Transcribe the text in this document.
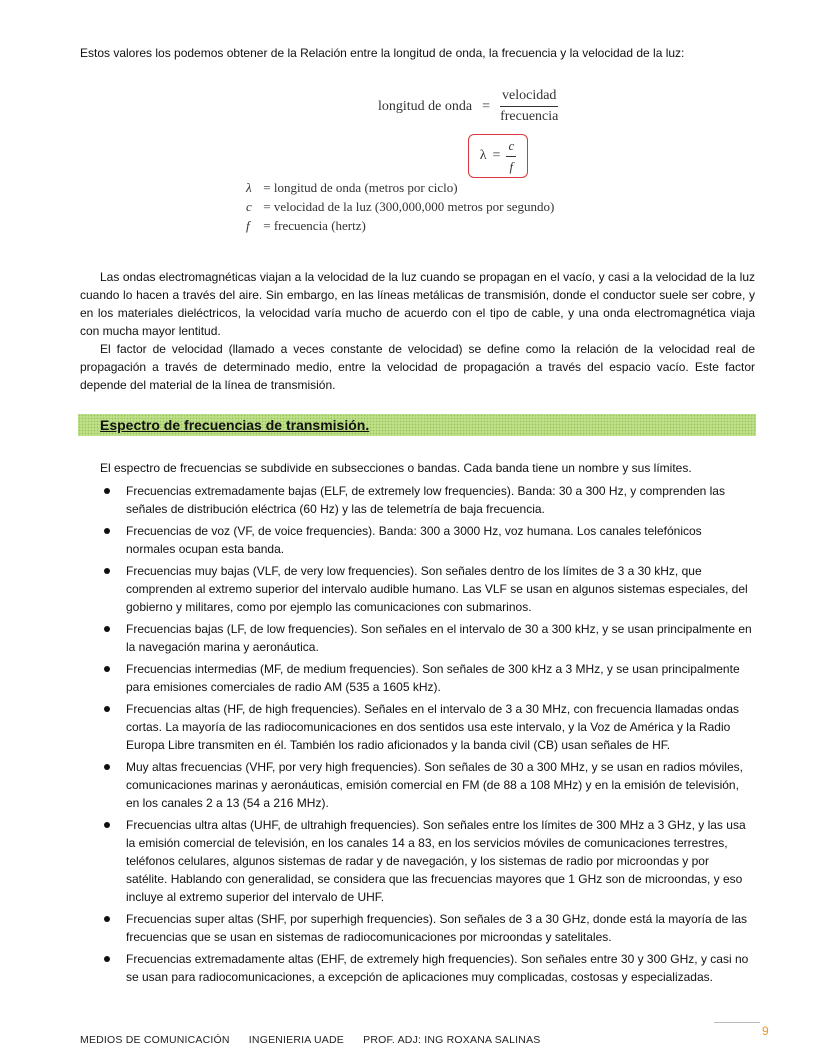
Estos valores los podemos obtener de la Relación entre la longitud de onda, la frecuencia y la velocidad de la luz:

longitud de onda = $\frac{\text{velocidad}}{\text{frecuencia}}$
$\lambda = \frac{c}{f}$
λ = longitud de onda (metros por ciclo)
c = velocidad de la luz (300,000,000 metros por segundo)
f = frecuencia (hertz)

Las ondas electromagnéticas viajan a la velocidad de la luz cuando se propagan en el vacío, y casi a la velocidad de la luz cuando lo hacen a través del aire. Sin embargo, en las líneas metálicas de transmisión, donde el conductor suele ser cobre, y en los materiales dieléctricos, la velocidad varía mucho de acuerdo con el tipo de cable, y una onda electromagnética viaja con mucha mayor lentitud.

El factor de velocidad (llamado a veces constante de velocidad) se define como la relación de la velocidad real de propagación a través de determinado medio, entre la velocidad de propagación a través del espacio vacío. Este factor depende del material de la línea de transmisión.

Espectro de frecuencias de transmisión.

El espectro de frecuencias se subdivide en subsecciones o bandas. Cada banda tiene un nombre y sus límites.

Frecuencias extremadamente bajas (ELF, de extremely low frequencies). Banda: 30 a 300 Hz, y comprenden las señales de distribución eléctrica (60 Hz) y las de telemetría de baja frecuencia.
Frecuencias de voz (VF, de voice frequencies). Banda: 300 a 3000 Hz, voz humana. Los canales telefónicos normales ocupan esta banda.
Frecuencias muy bajas (VLF, de very low frequencies). Son señales dentro de los límites de 3 a 30 kHz, que comprenden al extremo superior del intervalo audible humano. Las VLF se usan en algunos sistemas especiales, del gobierno y militares, como por ejemplo las comunicaciones con submarinos.
Frecuencias bajas (LF, de low frequencies). Son señales en el intervalo de 30 a 300 kHz, y se usan principalmente en la navegación marina y aeronáutica.
Frecuencias intermedias (MF, de medium frequencies). Son señales de 300 kHz a 3 MHz, y se usan principalmente para emisiones comerciales de radio AM (535 a 1605 kHz).
Frecuencias altas (HF, de high frequencies). Señales en el intervalo de 3 a 30 MHz, con frecuencia llamadas ondas cortas. La mayoría de las radiocomunicaciones en dos sentidos usa este intervalo, y la Voz de América y la Radio Europa Libre transmiten en él. También los radio aficionados y la banda civil (CB) usan señales de HF.
Muy altas frecuencias (VHF, por very high frequencies). Son señales de 30 a 300 MHz, y se usan en radios móviles, comunicaciones marinas y aeronáuticas, emisión comercial en FM (de 88 a 108 MHz) y en la emisión de televisión, en los canales 2 a 13 (54 a 216 MHz).
Frecuencias ultra altas (UHF, de ultrahigh frequencies). Son señales entre los límites de 300 MHz a 3 GHz, y las usa la emisión comercial de televisión, en los canales 14 a 83, en los servicios móviles de comunicaciones terrestres, teléfonos celulares, algunos sistemas de radar y de navegación, y los sistemas de radio por microondas y por satélite. Hablando con generalidad, se considera que las frecuencias mayores que 1 GHz son de microondas, y eso incluye al extremo superior del intervalo de UHF.
Frecuencias super altas (SHF, por superhigh frequencies). Son señales de 3 a 30 GHz, donde está la mayoría de las frecuencias que se usan en sistemas de radiocomunicaciones por microondas y satelitales.
Frecuencias extremadamente altas (EHF, de extremely high frequencies). Son señales entre 30 y 300 GHz, y casi no se usan para radiocomunicaciones, a excepción de aplicaciones muy complicadas, costosas y especializadas.
MEDIOS DE COMUNICACIÓN INGENIERIA UADE PROF. ADJ: ING ROXANA SALINAS
9
